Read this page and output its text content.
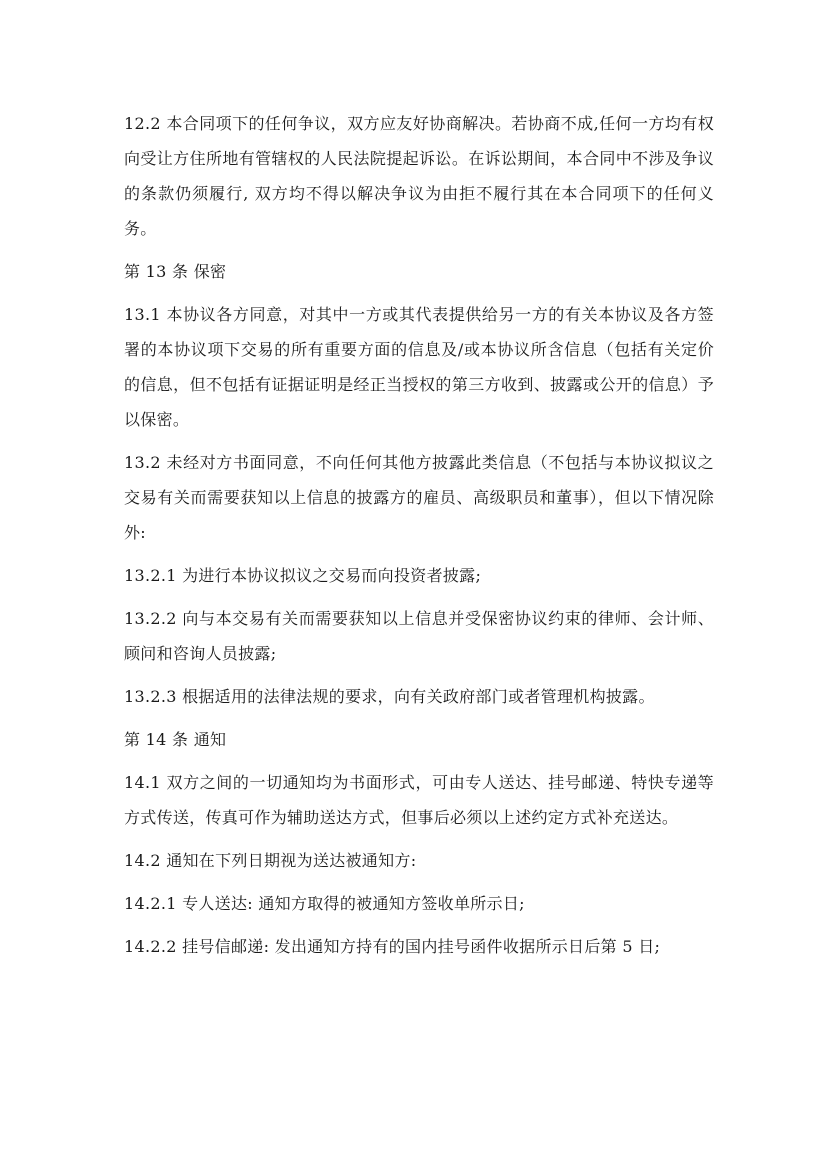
12.2 本合同项下的任何争议，双方应友好协商解决。若协商不成,任何一方均有权向受让方住所地有管辖权的人民法院提起诉讼。在诉讼期间，本合同中不涉及争议的条款仍须履行, 双方均不得以解决争议为由拒不履行其在本合同项下的任何义务。

第 13 条 保密

13.1 本协议各方同意，对其中一方或其代表提供给另一方的有关本协议及各方签署的本协议项下交易的所有重要方面的信息及/或本协议所含信息（包括有关定价的信息，但不包括有证据证明是经正当授权的第三方收到、披露或公开的信息）予以保密。

13.2 未经对方书面同意，不向任何其他方披露此类信息（不包括与本协议拟议之交易有关而需要获知以上信息的披露方的雇员、高级职员和董事），但以下情况除外:

13.2.1 为进行本协议拟议之交易而向投资者披露;

13.2.2 向与本交易有关而需要获知以上信息并受保密协议约束的律师、会计师、顾问和咨询人员披露;

13.2.3 根据适用的法律法规的要求，向有关政府部门或者管理机构披露。

第 14 条 通知

14.1 双方之间的一切通知均为书面形式，可由专人送达、挂号邮递、特快专递等方式传送，传真可作为辅助送达方式，但事后必须以上述约定方式补充送达。

14.2 通知在下列日期视为送达被通知方:

14.2.1 专人送达: 通知方取得的被通知方签收单所示日;

14.2.2 挂号信邮递: 发出通知方持有的国内挂号函件收据所示日后第 5 日;
